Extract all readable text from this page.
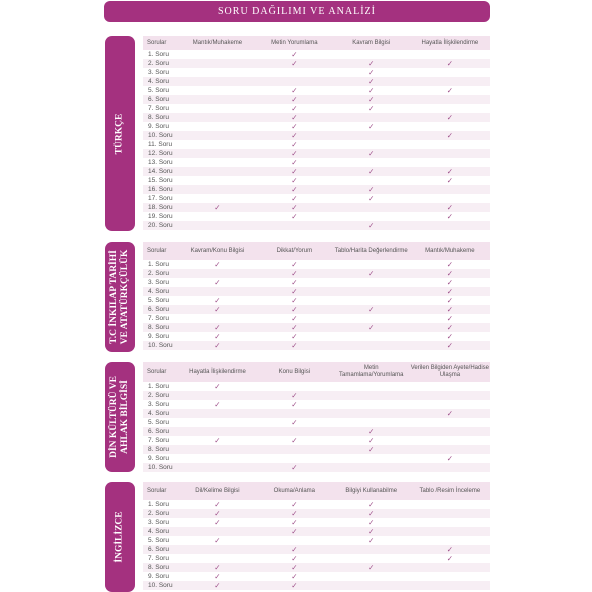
SORU DAĞILIMI VE ANALİZİ
TÜRKÇE
Sorular	Mantık/Muhakeme	Metin Yorumlama	Kavram Bilgisi	Hayatla İlişkilendirme
1. Soru		✓		
2. Soru		✓	✓	✓
3. Soru			✓	
4. Soru			✓	
5. Soru		✓	✓	✓
6. Soru		✓	✓	
7. Soru		✓	✓	
8. Soru		✓		✓
9. Soru		✓	✓	
10. Soru		✓		✓
11. Soru		✓		
12. Soru		✓	✓	
13. Soru		✓		
14. Soru		✓	✓	✓
15. Soru		✓		✓
16. Soru		✓	✓	
17. Soru		✓	✓	
18. Soru	✓	✓		✓
19. Soru		✓		✓
20. Soru			✓	
T.C İNKILAP TARİHİ VE ATATÜRKÇÜLÜK	Sorular	Kavram/Konu Bilgisi	Dikkat/Yorum	Tablo/Harita Değerlendirme	Mantık/Muhakeme
1. Soru	✓	✓		✓
2. Soru		✓	✓	✓
3. Soru	✓	✓		✓
4. Soru		✓		✓
5. Soru	✓	✓		✓
6. Soru	✓	✓	✓	✓
7. Soru		✓		✓
8. Soru	✓	✓	✓	✓
9. Soru	✓	✓		✓
10. Soru	✓	✓		✓
DİN KÜLTÜRÜ VE AHLAK BİLGİSİ
Sorular	Hayatla İlişkilendirme	Konu Bilgisi	Metin Tamamlama/Yorumlama	Verilen Bilgiden Ayete/Hadise Ulaşma
1. Soru	✓			
2. Soru		✓		
3. Soru	✓	✓		
4. Soru				✓
5. Soru		✓		
6. Soru			✓	
7. Soru	✓	✓	✓	
8. Soru			✓	
9. Soru				✓
10. Soru		✓		
İNGİLİZCE
Sorular	Dil/Kelime Bilgisi	Okuma/Anlama	Bilgiyi Kullanabilme	Tablo /Resim İnceleme
1. Soru	✓	✓	✓	
2. Soru	✓	✓	✓	
3. Soru	✓	✓	✓	
4. Soru		✓	✓	
5. Soru	✓		✓	
6. Soru		✓		✓
7. Soru		✓		✓
8. Soru	✓	✓	✓	
9. Soru	✓	✓		
10. Soru	✓	✓		
